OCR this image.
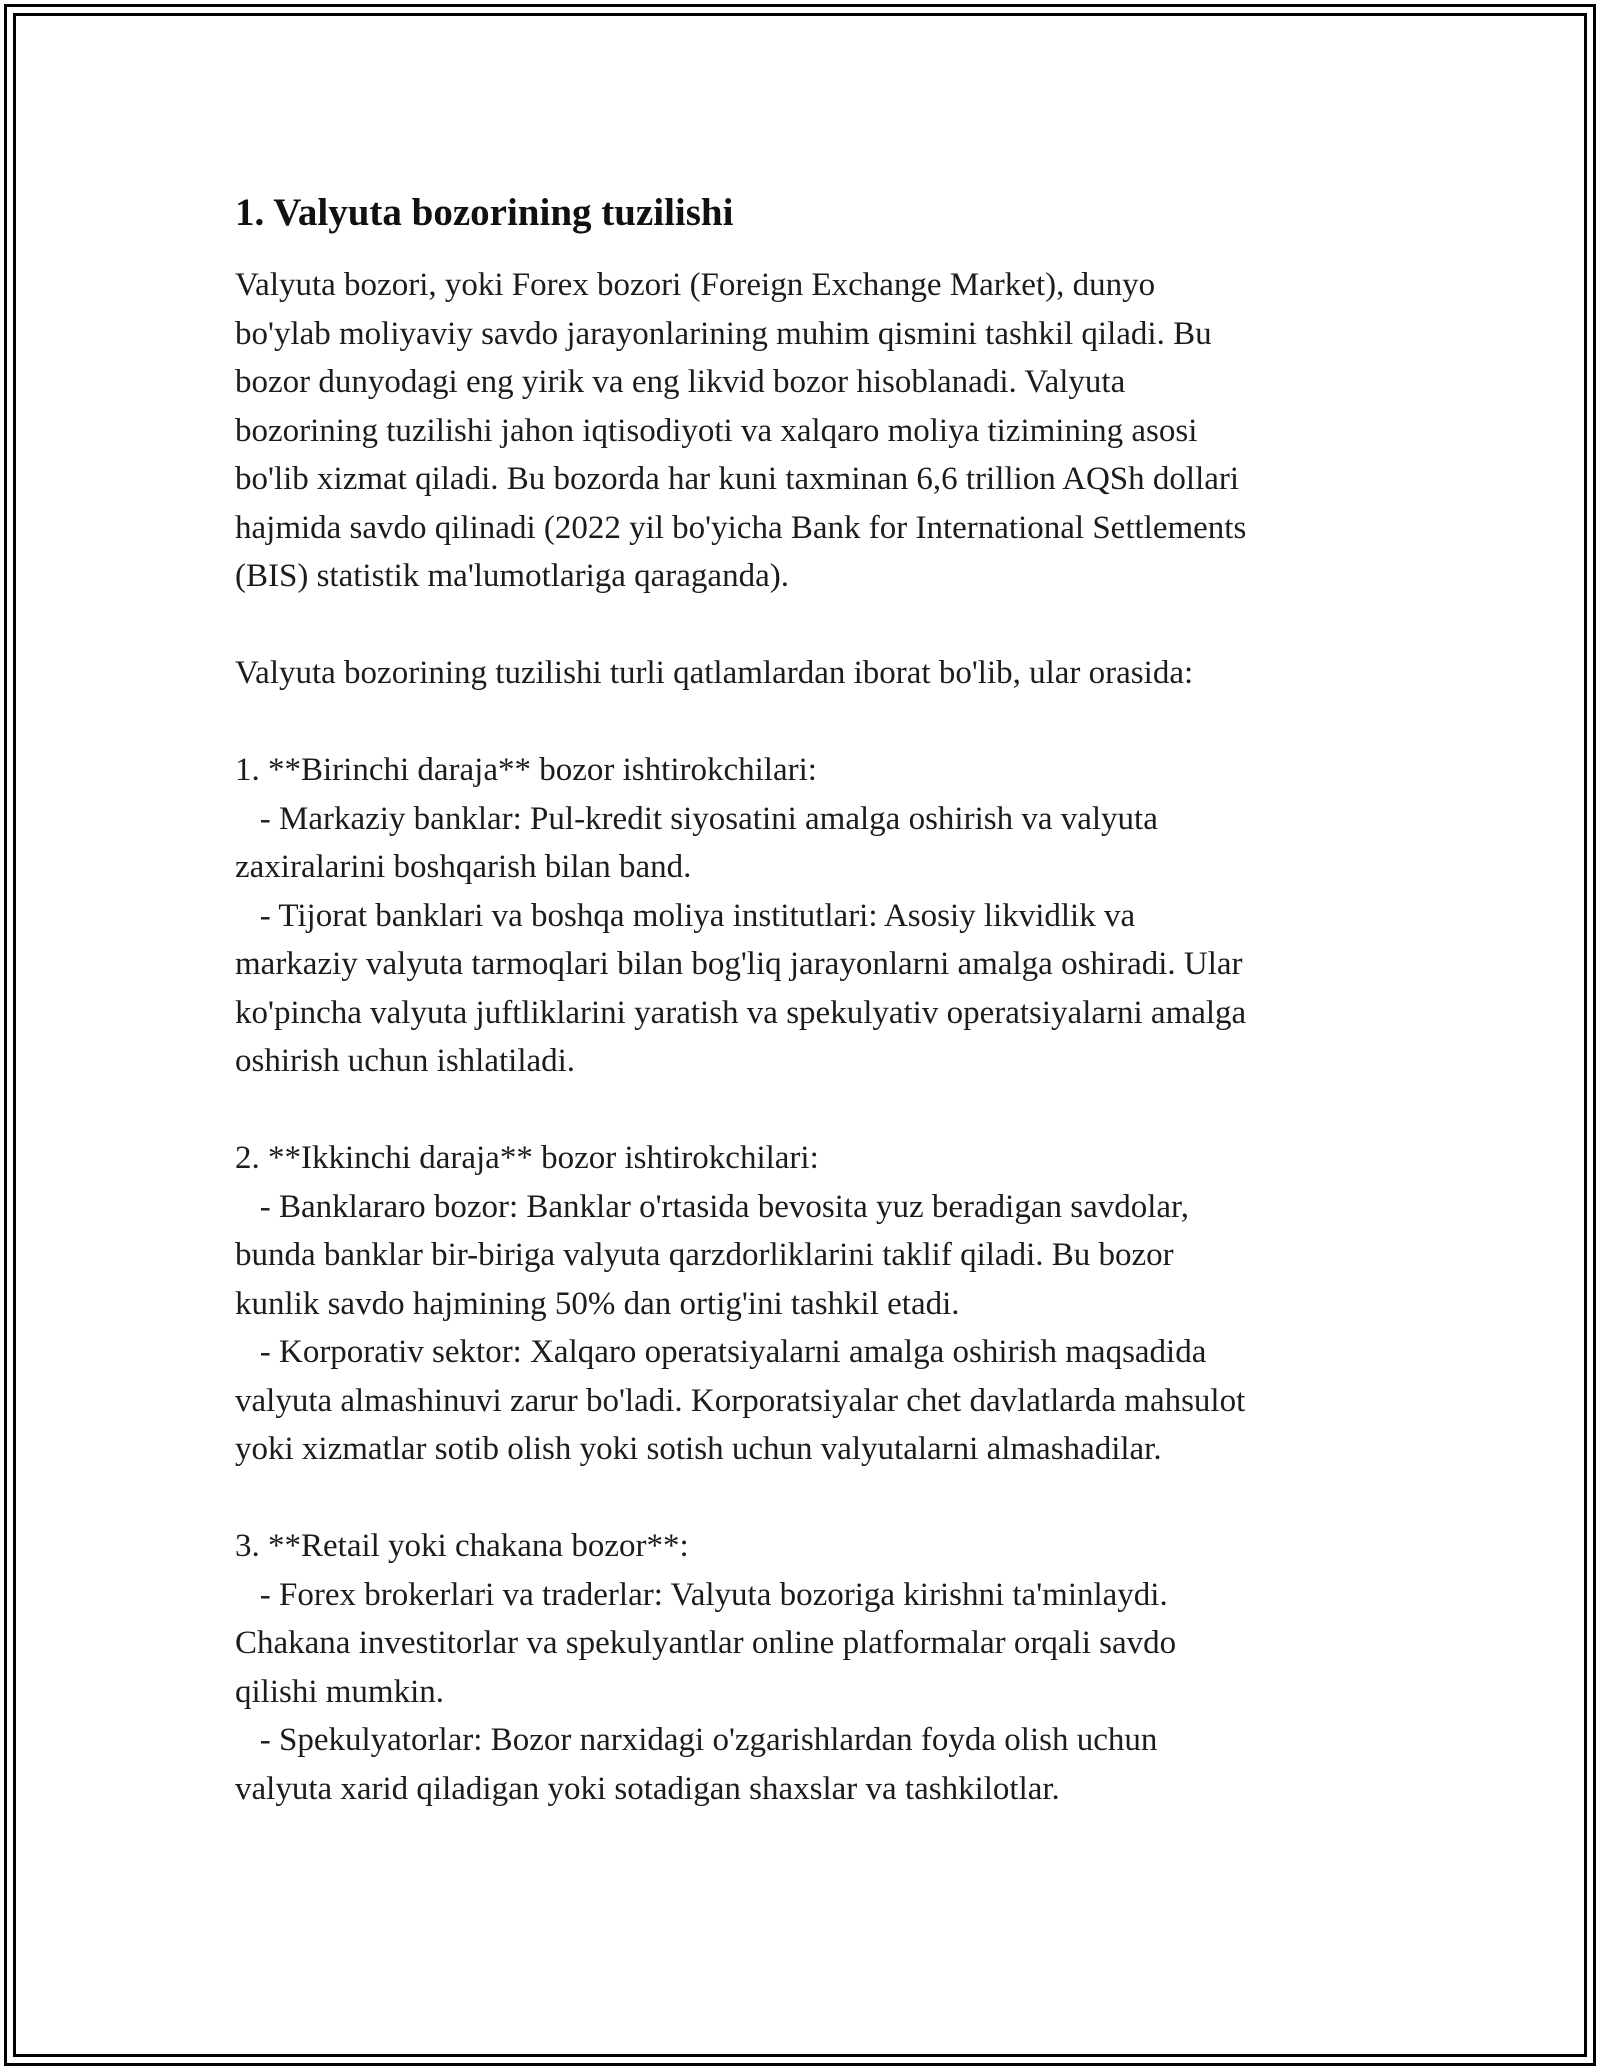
1. Valyuta bozorining tuzilishi

Valyuta bozori, yoki Forex bozori (Foreign Exchange Market), dunyo
bo'ylab moliyaviy savdo jarayonlarining muhim qismini tashkil qiladi. Bu
bozor dunyodagi eng yirik va eng likvid bozor hisoblanadi. Valyuta
bozorining tuzilishi jahon iqtisodiyoti va xalqaro moliya tizimining asosi
bo'lib xizmat qiladi. Bu bozorda har kuni taxminan 6,6 trillion AQSh dollari
hajmida savdo qilinadi (2022 yil bo'yicha Bank for International Settlements
(BIS) statistik ma'lumotlariga qaraganda).

Valyuta bozorining tuzilishi turli qatlamlardan iborat bo'lib, ular orasida:

1. **Birinchi daraja** bozor ishtirokchilari:
- Markaziy banklar: Pul-kredit siyosatini amalga oshirish va valyuta
zaxiralarini boshqarish bilan band.
- Tijorat banklari va boshqa moliya institutlari: Asosiy likvidlik va
markaziy valyuta tarmoqlari bilan bog'liq jarayonlarni amalga oshiradi. Ular
ko'pincha valyuta juftliklarini yaratish va spekulyativ operatsiyalarni amalga
oshirish uchun ishlatiladi.

2. **Ikkinchi daraja** bozor ishtirokchilari:
- Banklararo bozor: Banklar o'rtasida bevosita yuz beradigan savdolar,
bunda banklar bir-biriga valyuta qarzdorliklarini taklif qiladi. Bu bozor
kunlik savdo hajmining 50% dan ortig'ini tashkil etadi.
- Korporativ sektor: Xalqaro operatsiyalarni amalga oshirish maqsadida
valyuta almashinuvi zarur bo'ladi. Korporatsiyalar chet davlatlarda mahsulot
yoki xizmatlar sotib olish yoki sotish uchun valyutalarni almashadilar.

3. **Retail yoki chakana bozor**:
- Forex brokerlari va traderlar: Valyuta bozoriga kirishni ta'minlaydi.
Chakana investitorlar va spekulyantlar online platformalar orqali savdo
qilishi mumkin.
- Spekulyatorlar: Bozor narxidagi o'zgarishlardan foyda olish uchun
valyuta xarid qiladigan yoki sotadigan shaxslar va tashkilotlar.
